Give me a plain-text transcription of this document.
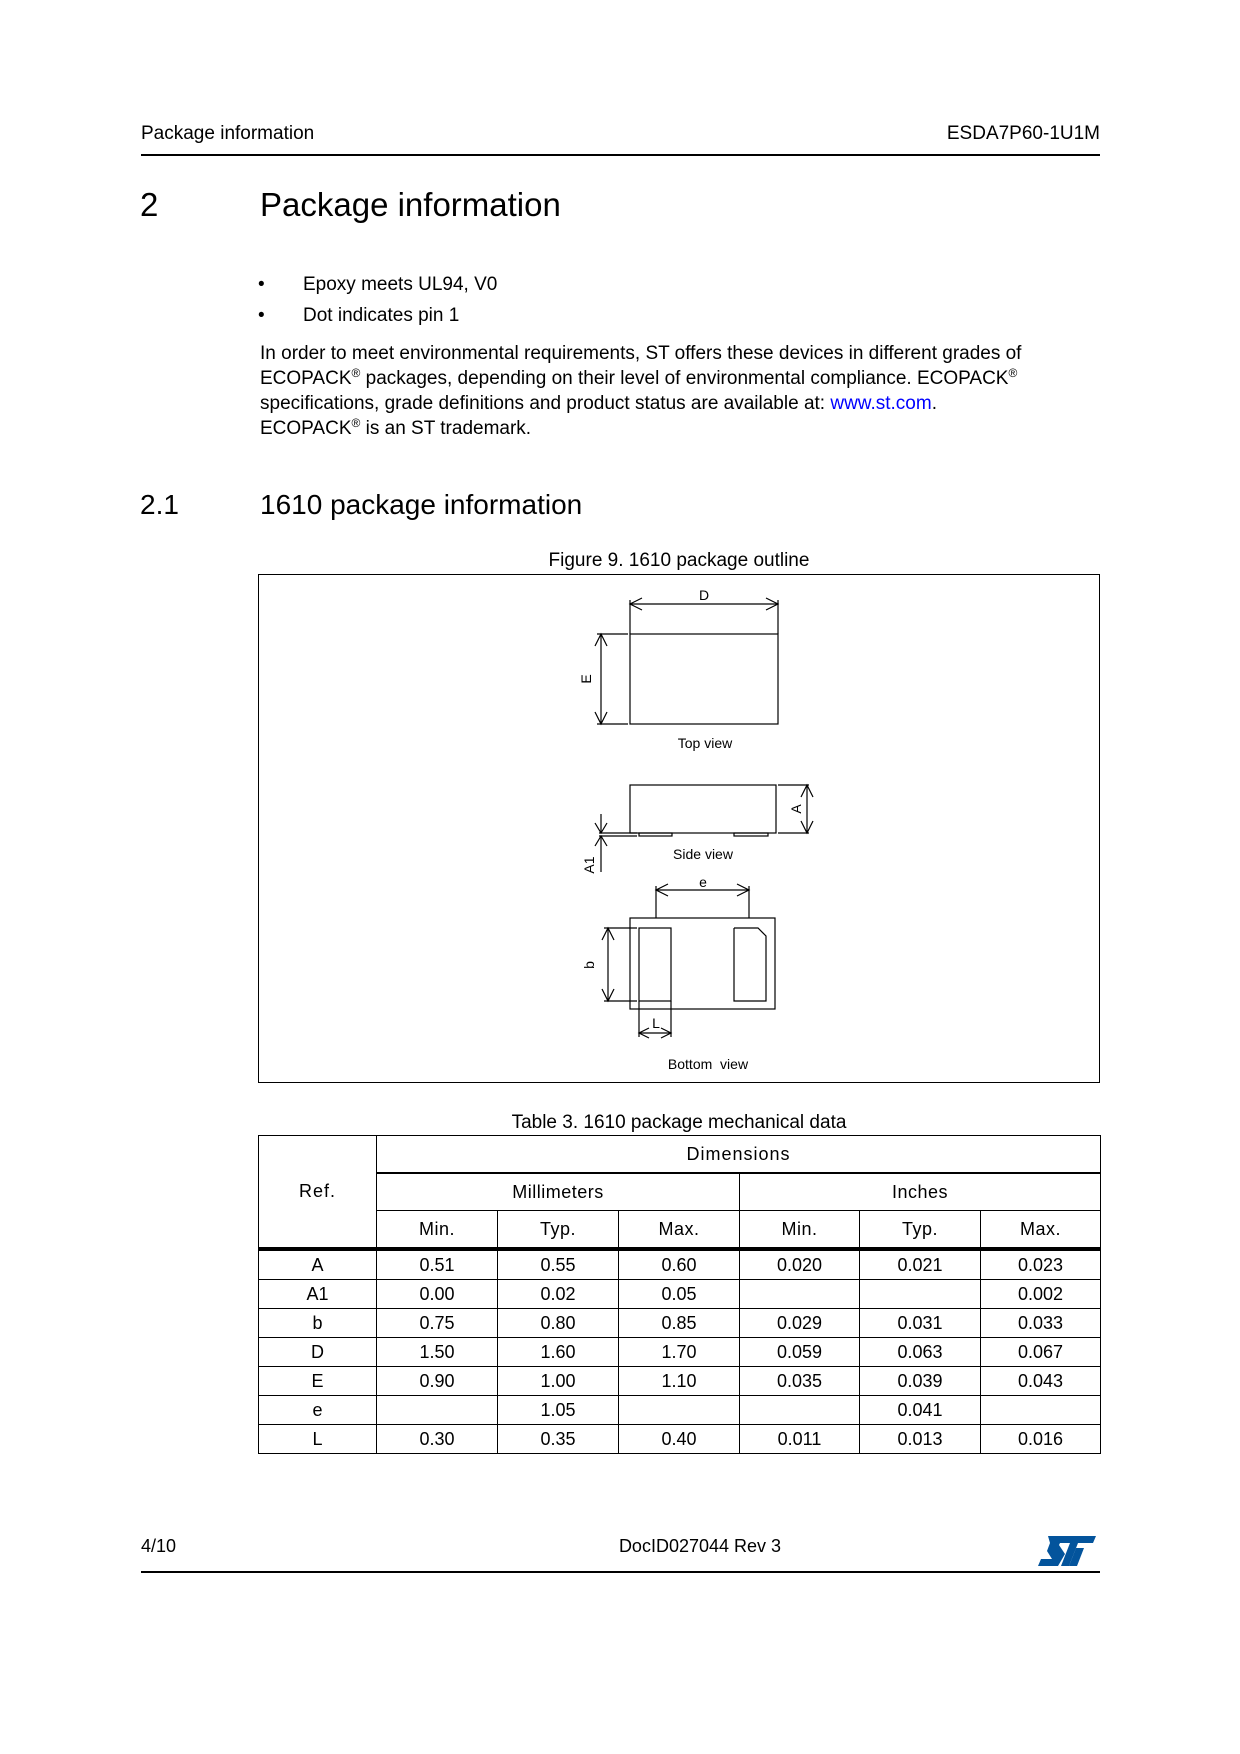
Package information	ESDA7P60-1U1M
2	Package information
• Epoxy meets UL94, V0
• Dot indicates pin 1
In order to meet environmental requirements, ST offers these devices in different grades of
ECOPACK® packages, depending on their level of environmental compliance. ECOPACK®
specifications, grade definitions and product status are available at: www.st.com.
ECOPACK® is an ST trademark.
2.1	1610 package information
Figure 9. 1610 package outline
D
E
Top view
A
A1
Side view
e
b
L
Bottom  view
Table 3. 1610 package mechanical data
Ref.	Dimensions					
	Millimeters			Inches		
	Min.	Typ.	Max.	Min.	Typ.	Max.
A	0.51	0.55	0.60	0.020	0.021	0.023
A1	0.00	0.02	0.05			0.002
b	0.75	0.80	0.85	0.029	0.031	0.033
D	1.50	1.60	1.70	0.059	0.063	0.067
E	0.90	1.00	1.10	0.035	0.039	0.043
e		1.05			0.041	
L	0.30	0.35	0.40	0.011	0.013	0.016
4/10	DocID027044 Rev 3
